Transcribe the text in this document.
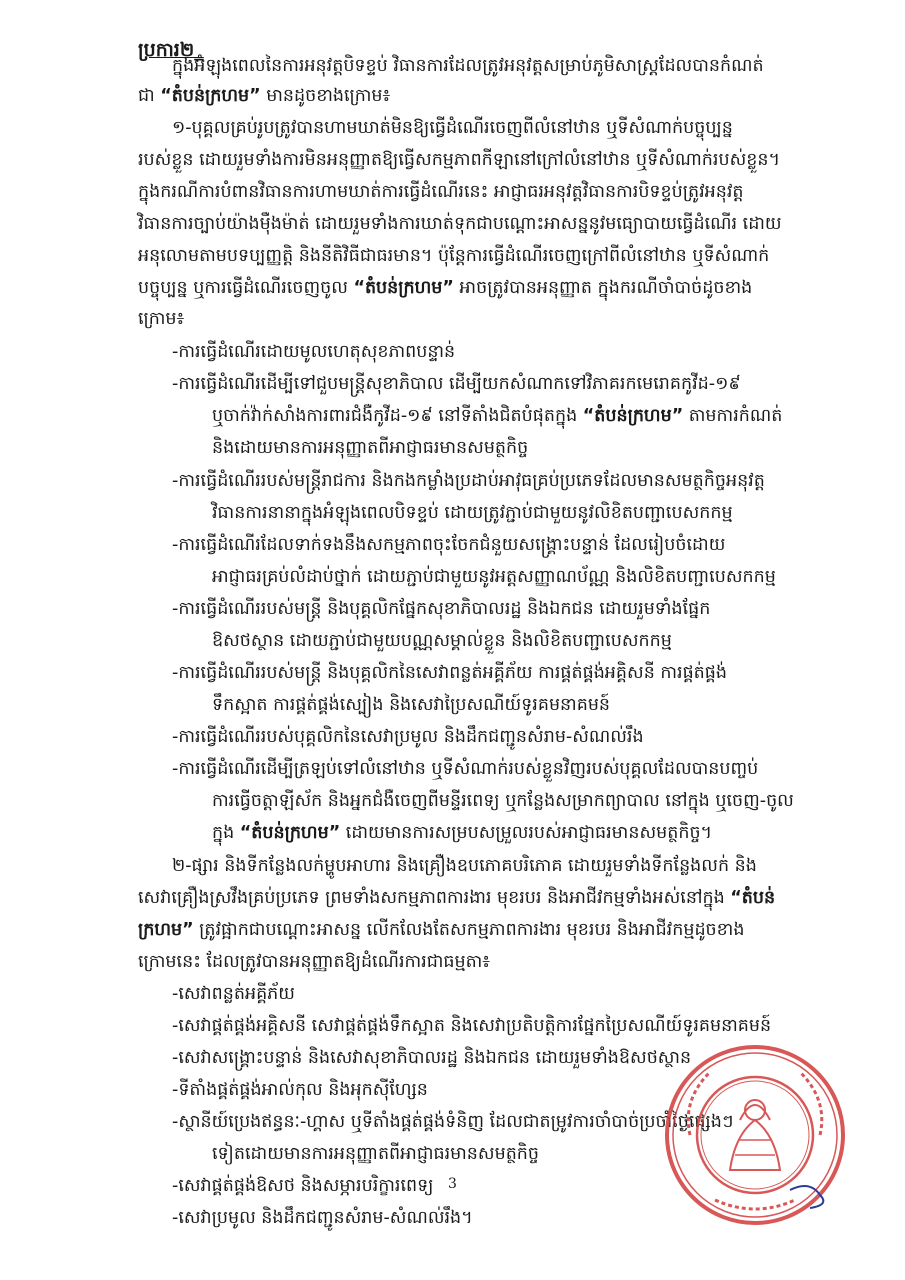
ប្រការ២_
ក្នុងអំឡុងពេលនៃការអនុវត្តបិទខ្ទប់ វិធានការដែលត្រូវអនុវត្តសម្រាប់ភូមិសាស្ត្រដែលបានកំណត់
ជា “តំបន់ក្រហម” មានដូចខាងក្រោម៖
១-បុគ្គលគ្រប់រូបត្រូវបានហាមឃាត់មិនឱ្យធ្វើដំណើរចេញពីលំនៅឋាន ឬទីសំណាក់បច្ចុប្បន្ន
របស់ខ្លួន ដោយរួមទាំងការមិនអនុញ្ញាតឱ្យធ្វើសកម្មភាពកីឡានៅក្រៅលំនៅឋាន ឬទីសំណាក់របស់ខ្លួន។
ក្នុងករណីការបំពានវិធានការហាមឃាត់ការធ្វើដំណើរនេះ អាជ្ញាធរអនុវត្តវិធានការបិទខ្ទប់ត្រូវអនុវត្ត
វិធានការច្បាប់យ៉ាងម៉ឺងម៉ាត់ ដោយរួមទាំងការឃាត់ទុកជាបណ្តោះអាសន្ននូវមធ្យោបាយធ្វើដំណើរ ដោយ
អនុលោមតាមបទប្បញ្ញត្តិ និងនីតិវិធីជាធរមាន។ ប៉ុន្តែការធ្វើដំណើរចេញក្រៅពីលំនៅឋាន ឬទីសំណាក់
បច្ចុប្បន្ន ឬការធ្វើដំណើរចេញចូល “តំបន់ក្រហម” អាចត្រូវបានអនុញ្ញាត ក្នុងករណីចាំបាច់ដូចខាង
ក្រោម៖
-ការធ្វើដំណើរដោយមូលហេតុសុខភាពបន្ទាន់
-ការធ្វើដំណើរដើម្បីទៅជួបមន្ត្រីសុខាភិបាល ដើម្បីយកសំណាកទៅវិភាគរកមេរោគកូវីដ-១៩
ឬចាក់វ៉ាក់សាំងការពារជំងឺកូវីដ-១៩ នៅទីតាំងជិតបំផុតក្នុង “តំបន់ក្រហម” តាមការកំណត់
និងដោយមានការអនុញ្ញាតពីអាជ្ញាធរមានសមត្ថកិច្ច
-ការធ្វើដំណើររបស់មន្ត្រីរាជការ និងកងកម្លាំងប្រដាប់អាវុធគ្រប់ប្រភេទដែលមានសមត្ថកិច្ចអនុវត្ត
វិធានការនានាក្នុងអំឡុងពេលបិទខ្ទប់ ដោយត្រូវភ្ជាប់ជាមួយនូវលិខិតបញ្ជាបេសកកម្ម
-ការធ្វើដំណើរដែលទាក់ទងនឹងសកម្មភាពចុះចែកជំនួយសង្គ្រោះបន្ទាន់ ដែលរៀបចំដោយ
អាជ្ញាធរគ្រប់លំដាប់ថ្នាក់ ដោយភ្ជាប់ជាមួយនូវអត្តសញ្ញាណប័ណ្ណ និងលិខិតបញ្ជាបេសកកម្ម
-ការធ្វើដំណើររបស់មន្ត្រី និងបុគ្គលិកផ្នែកសុខាភិបាលរដ្ឋ និងឯកជន ដោយរួមទាំងផ្នែក
ឱសថស្ថាន ដោយភ្ជាប់ជាមួយបណ្ណសម្គាល់ខ្លួន និងលិខិតបញ្ជាបេសកកម្ម
-ការធ្វើដំណើររបស់មន្ត្រី និងបុគ្គលិកនៃសេវាពន្លត់អគ្គីភ័យ ការផ្គត់ផ្គង់អគ្គិសនី ការផ្គត់ផ្គង់
ទឹកស្អាត ការផ្គត់ផ្គង់ស្បៀង និងសេវាប្រៃសណីយ៍ទូរគមនាគមន៍
-ការធ្វើដំណើររបស់បុគ្គលិកនៃសេវាប្រមូល និងដឹកជញ្ជូនសំរាម-សំណល់រឹង
-ការធ្វើដំណើរដើម្បីត្រឡប់ទៅលំនៅឋាន ឬទីសំណាក់របស់ខ្លួនវិញរបស់បុគ្គលដែលបានបញ្ចប់
ការធ្វើចត្តាឡីស័ក និងអ្នកជំងឺចេញពីមន្ទីរពេទ្យ ឬកន្លែងសម្រាកព្យាបាល នៅក្នុង ឬចេញ-ចូល
ក្នុង “តំបន់ក្រហម” ដោយមានការសម្របសម្រួលរបស់អាជ្ញាធរមានសមត្ថកិច្ច។
២-ផ្សារ និងទីកន្លែងលក់ម្ហូបអាហារ និងគ្រឿងឧបភោគបរិភោគ ដោយរួមទាំងទីកន្លែងលក់ និង
សេវាគ្រឿងស្រវឹងគ្រប់ប្រភេទ ព្រមទាំងសកម្មភាពការងារ មុខរបរ និងអាជីវកម្មទាំងអស់នៅក្នុង “តំបន់
ក្រហម” ត្រូវផ្អាកជាបណ្តោះអាសន្ន លើកលែងតែសកម្មភាពការងារ មុខរបរ និងអាជីវកម្មដូចខាង
ក្រោមនេះ ដែលត្រូវបានអនុញ្ញាតឱ្យដំណើរការជាធម្មតា៖
-សេវាពន្លត់អគ្គីភ័យ
-សេវាផ្គត់ផ្គង់អគ្គិសនី សេវាផ្គត់ផ្គង់ទឹកស្អាត និងសេវាប្រតិបត្តិការផ្នែកប្រៃសណីយ៍ទូរគមនាគមន៍
-សេវាសង្គ្រោះបន្ទាន់ និងសេវាសុខាភិបាលរដ្ឋ និងឯកជន ដោយរួមទាំងឱសថស្ថាន
-ទីតាំងផ្គត់ផ្គង់អាល់កុល និងអុកស៊ីហ្សែន
-ស្ថានីយ៍ប្រេងឥន្ធនៈ-ហ្គាស ឬទីតាំងផ្គត់ផ្គង់ទំនិញ ដែលជាតម្រូវការចាំបាច់ប្រចាំថ្ងៃផ្សេងៗ
ទៀតដោយមានការអនុញ្ញាតពីអាជ្ញាធរមានសមត្ថកិច្ច
-សេវាផ្គត់ផ្គង់ឱសថ និងសម្ភារបរិក្ខារពេទ្យ
-សេវាប្រមូល និងដឹកជញ្ជូនសំរាម-សំណល់រឹង។
3
